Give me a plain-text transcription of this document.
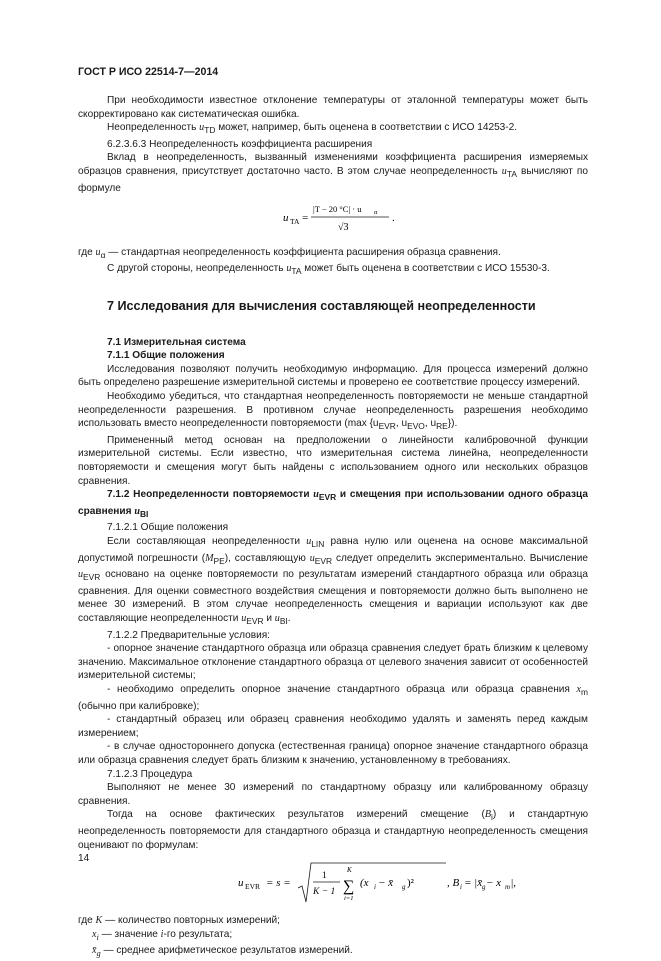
ГОСТ Р ИСО 22514-7—2014

При необходимости известное отклонение температуры от эталонной температуры может быть скорректировано как систематическая ошибка.

Неопределенность $u_{TD}$ может, например, быть оценена в соответствии с ИСО 14253-2.

6.2.3.6.3 Неопределенность коэффициента расширения

Вклад в неопределенность, вызванный изменениями коэффициента расширения измеряемых образцов сравнения, присутствует достаточно часто. В этом случае неопределенность $u_{TA}$ вычисляют по формуле

u TA =
|T − 20 °C| · u α
√3
.

где $u_\alpha$ — стандартная неопределенность коэффициента расширения образца сравнения.

С другой стороны, неопределенность $u_{TA}$ может быть оценена в соответствии с ИСО 15530-3.

7 Исследования для вычисления составляющей неопределенности
7.1 Измерительная система
7.1.1 Общие положения

Исследования позволяют получить необходимую информацию. Для процесса измерений должно быть определено разрешение измерительной системы и проверено ее соответствие процессу измерений.

Необходимо убедиться, что стандартная неопределенность повторяемости не меньше стандартной неопределенности разрешения. В противном случае неопределенность разрешения необходимо использовать вместо неопределенности повторяемости (max {$u_{EVR}$, $u_{EVO}$, $u_{RE}$}).

Примененный метод основан на предположении о линейности калибровочной функции измерительной системы. Если известно, что измерительная система линейна, неопределенности повторяемости и смещения могут быть найдены с использованием одного или нескольких образцов сравнения.

7.1.2 Неопределенности повторяемости $u_{EVR}$ и смещения при использовании одного образца сравнения $u_{BI}$

7.1.2.1 Общие положения

Если составляющая неопределенности $u_{LIN}$ равна нулю или оценена на основе максимальной допустимой погрешности $(M_{PE})$, составляющую $u_{EVR}$ следует определить экспериментально. Вычисление $u_{EVR}$ основано на оценке повторяемости по результатам измерений стандартного образца или образца сравнения. Для оценки совместного воздействия смещения и повторяемости должно быть выполнено не менее 30 измерений. В этом случае неопределенность смещения и вариации используют как две составляющие неопределенности $u_{EVR}$ и $u_{BI}$.

7.1.2.2 Предварительные условия:

- опорное значение стандартного образца или образца сравнения следует брать близким к целевому значению. Максимальное отклонение стандартного образца от целевого значения зависит от особенностей измерительной системы;

- необходимо определить опорное значение стандартного образца или образца сравнения $x_m$ (обычно при калибровке);

- стандартный образец или образец сравнения необходимо удалять и заменять перед каждым измерением;

- в случае одностороннего допуска (естественная граница) опорное значение стандартного образца или образца сравнения следует брать близким к значению, установленному в требованиях.

7.1.2.3 Процедура

Выполняют не менее 30 измерений по стандартному образцу или калиброванному образцу сравнения.

Тогда на основе фактических результатов измерений смещение $(B_i)$ и стандартную неопределенность повторяемости для стандартного образца и стандартную неопределенность смещения оценивают по формулам:

u EVR = s =
1
K − 1
K
∑
i=1
(x i − x̄ g )²	, B i = |x̄ g − x m |,

где K — количество повторных измерений;

$x_i$ — значение i-го результата;

$x̄_g$ — среднее арифметическое результатов измерений.

14
